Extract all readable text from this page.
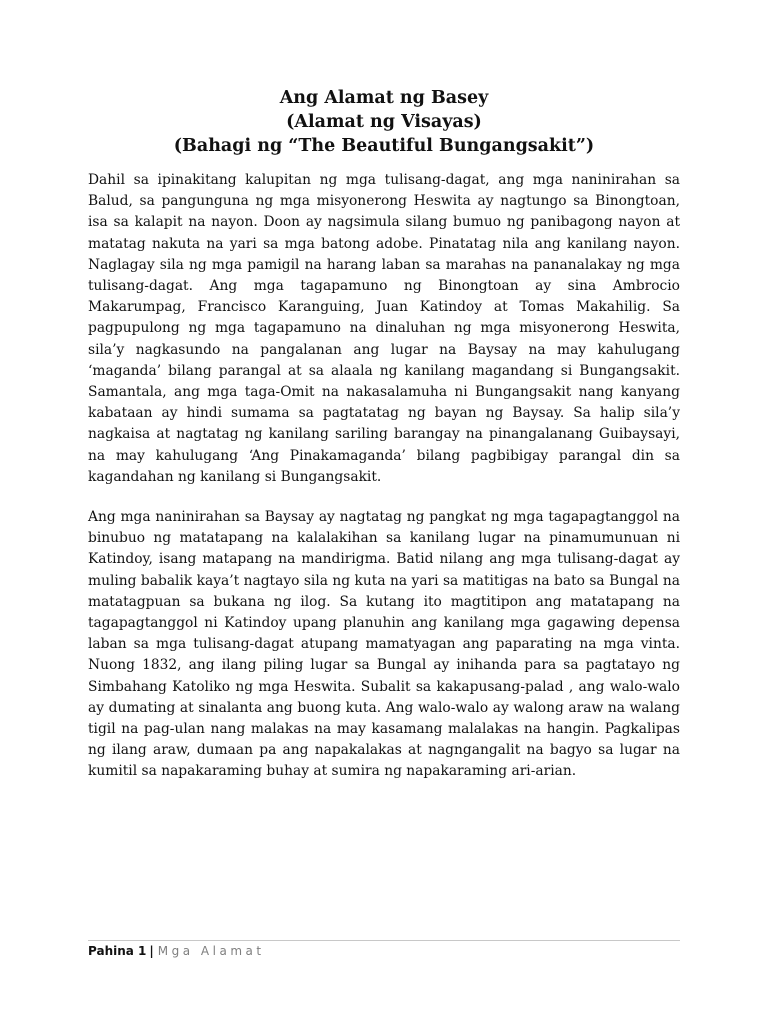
Ang Alamat ng Basey
(Alamat ng Visayas)
(Bahagi ng “The Beautiful Bungangsakit”)

Dahil sa ipinakitang kalupitan ng mga tulisang-dagat, ang mga naninirahan sa Balud, sa pangunguna ng mga misyonerong Heswita ay nagtungo sa Binongtoan, isa sa kalapit na nayon. Doon ay nagsimula silang bumuo ng panibagong nayon at matatag nakuta na yari sa mga batong adobe. Pinatatag nila ang kanilang nayon. Naglagay sila ng mga pamigil na harang laban sa marahas na pananalakay ng mga tulisang-dagat. Ang mga tagapamuno ng Binongtoan ay sina Ambrocio Makarumpag, Francisco Karanguing, Juan Katindoy at Tomas Makahilig. Sa pagpupulong ng mga tagapamuno na dinaluhan ng mga misyonerong Heswita, sila’y nagkasundo na pangalanan ang lugar na Baysay na may kahulugang ‘maganda’ bilang parangal at sa alaala ng kanilang magandang si Bungangsakit. Samantala, ang mga taga-Omit na nakasalamuha ni Bungangsakit nang kanyang kabataan ay hindi sumama sa pagtatatag ng bayan ng Baysay. Sa halip sila’y nagkaisa at nagtatag ng kanilang sariling barangay na pinangalanang Guibaysayi, na may kahulugang ‘Ang Pinakamaganda’ bilang pagbibigay parangal din sa kagandahan ng kanilang si Bungangsakit.

Ang mga naninirahan sa Baysay ay nagtatag ng pangkat ng mga tagapagtanggol na binubuo ng matatapang na kalalakihan sa kanilang lugar na pinamumunuan ni Katindoy, isang matapang na mandirigma. Batid nilang ang mga tulisang-dagat ay muling babalik kaya’t nagtayo sila ng kuta na yari sa matitigas na bato sa Bungal na matatagpuan sa bukana ng ilog. Sa kutang ito magtitipon ang matatapang na tagapagtanggol ni Katindoy upang planuhin ang kanilang mga gagawing depensa laban sa mga tulisang-dagat atupang mamatyagan ang paparating na mga vinta. Nuong 1832, ang ilang piling lugar sa Bungal ay inihanda para sa pagtatayo ng Simbahang Katoliko ng mga Heswita. Subalit sa kakapusang-palad , ang walo-walo ay dumating at sinalanta ang buong kuta. Ang walo-walo ay walong araw na walang tigil na pag-ulan nang malakas na may kasamang malalakas na hangin. Pagkalipas ng ilang araw, dumaan pa ang napakalakas at nagngangalit na bagyo sa lugar na kumitil sa napakaraming buhay at sumira ng napakaraming ari-arian.

Pahina 1 | Mga Alamat
